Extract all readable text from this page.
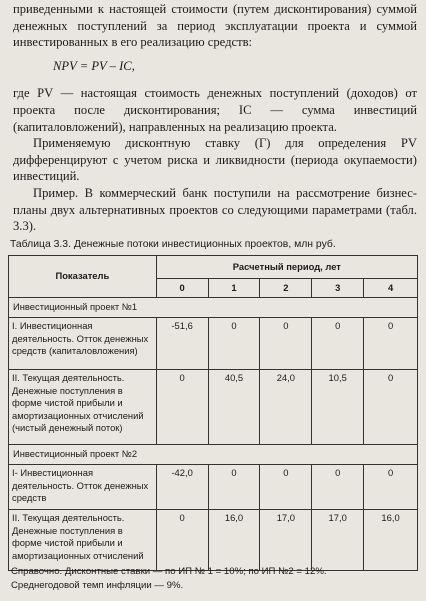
приведенными к настоящей стоимости (путем дисконтирования) суммой денежных поступлений за период эксплуатации проекта и суммой инвестированных в его реализацию средств:

NPV = PV – IC,

где PV — настоящая стоимость денежных поступлений (доходов) от проекта после дисконтирования; IC — сумма инвестиций (капиталовложений), направленных на реализацию проекта.

Применяемую дисконтную ставку (Г) для определения PV дифференцируют с учетом риска и ликвидности (периода окупаемости) инвестиций.

Пример. В коммерческий банк поступили на рассмотрение бизнес-планы двух альтернативных проектов со следующими параметрами (табл. 3.3).

Таблица 3.3. Денежные потоки инвестиционных проектов, млн руб.
Показатель	Расчетный период, лет				
	0	1	2	3	4
Инвестиционный проект №1					
I. Инвестиционная деятельность. Отток денежных средств (капиталовложения)	-51,6	0	0	0	0
II. Текущая деятельность. Денежные поступления в форме чистой прибыли и амортизационных отчислений (чистый денежный поток)	0	40,5	24,0	10,5	0
Инвестиционный проект №2					
I- Инвестиционная деятельность. Отток денежных средств	-42,0	0	0	0	0
II. Текущая деятельность. Денежные поступления в форме чистой прибыли и амортизационных отчислений	0	16,0	17,0	17,0	16,0
Справочно. Дисконтные ставки — по ИП № 1 = 10%; по ИП №2 = 12%.
Среднегодовой темп инфляции — 9%.
